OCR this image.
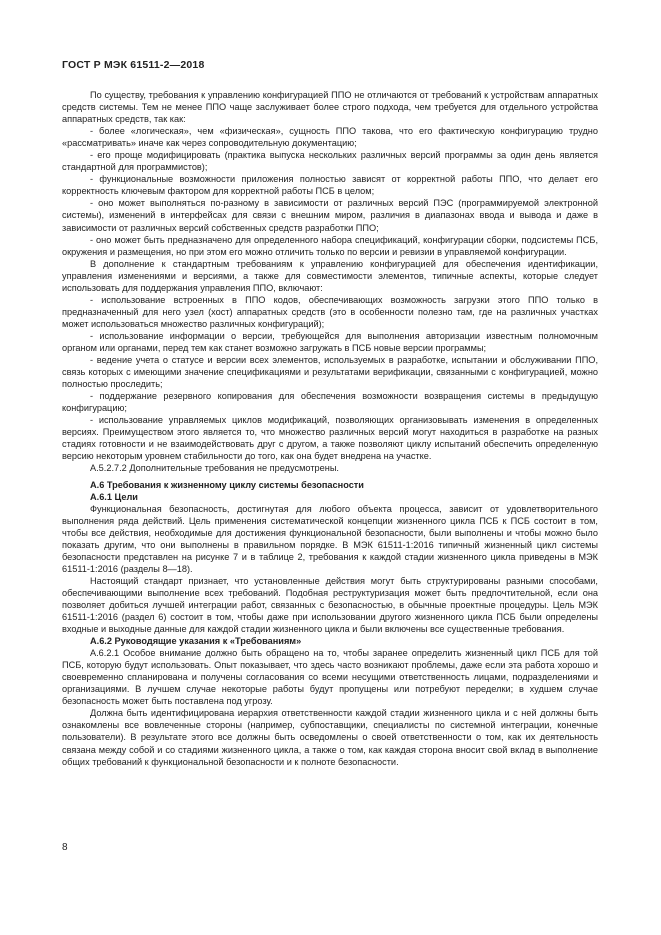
ГОСТ Р МЭК 61511-2—2018

По существу, требования к управлению конфигурацией ППО не отличаются от требований к устройствам аппаратных средств системы. Тем не менее ППО чаще заслуживает более строго подхода, чем требуется для отдельного устройства аппаратных средств, так как:

- более «логическая», чем «физическая», сущность ППО такова, что его фактическую конфигурацию трудно «рассматривать» иначе как через сопроводительную документацию;

- его проще модифицировать (практика выпуска нескольких различных версий программы за один день является стандартной для программистов);

- функциональные возможности приложения полностью зависят от корректной работы ППО, что делает его корректность ключевым фактором для корректной работы ПСБ в целом;

- оно может выполняться по-разному в зависимости от различных версий ПЭС (программируемой электронной системы), изменений в интерфейсах для связи с внешним миром, различия в диапазонах ввода и вывода и даже в зависимости от различных версий собственных средств разработки ППО;

- оно может быть предназначено для определенного набора спецификаций, конфигурации сборки, подсистемы ПСБ, окружения и размещения, но при этом его можно отличить только по версии и ревизии в управляемой конфигурации.

В дополнение к стандартным требованиям к управлению конфигурацией для обеспечения идентификации, управления изменениями и версиями, а также для совместимости элементов, типичные аспекты, которые следует использовать для поддержания управления ППО, включают:

- использование встроенных в ППО кодов, обеспечивающих возможность загрузки этого ППО только в предназначенный для него узел (хост) аппаратных средств (это в особенности полезно там, где на различных участках может использоваться множество различных конфигураций);

- использование информации о версии, требующейся для выполнения авторизации известным полномочным органом или органами, перед тем как станет возможно загружать в ПСБ новые версии программы;

- ведение учета о статусе и версии всех элементов, используемых в разработке, испытании и обслуживании ППО, связь которых с имеющими значение спецификациями и результатами верификации, связанными с конфигурацией, можно полностью проследить;

- поддержание резервного копирования для обеспечения возможности возвращения системы в предыдущую конфигурацию;

- использование управляемых циклов модификаций, позволяющих организовывать изменения в определенных версиях. Преимуществом этого является то, что множество различных версий могут находиться в разработке на разных стадиях готовности и не взаимодействовать друг с другом, а также позволяют циклу испытаний обеспечить определенную версию некоторым уровнем стабильности до того, как она будет внедрена на участке.

А.5.2.7.2 Дополнительные требования не предусмотрены.

А.6 Требования к жизненному циклу системы безопасности

А.6.1 Цели

Функциональная безопасность, достигнутая для любого объекта процесса, зависит от удовлетворительного выполнения ряда действий. Цель применения систематической концепции жизненного цикла ПСБ к ПСБ состоит в том, чтобы все действия, необходимые для достижения функциональной безопасности, были выполнены и чтобы можно было показать другим, что они выполнены в правильном порядке. В МЭК 61511-1:2016 типичный жизненный цикл системы безопасности представлен на рисунке 7 и в таблице 2, требования к каждой стадии жизненного цикла приведены в МЭК 61511-1:2016 (разделы 8—18).

Настоящий стандарт признает, что установленные действия могут быть структурированы разными способами, обеспечивающими выполнение всех требований. Подобная реструктуризация может быть предпочтительной, если она позволяет добиться лучшей интеграции работ, связанных с безопасностью, в обычные проектные процедуры. Цель МЭК 61511-1:2016 (раздел 6) состоит в том, чтобы даже при использовании другого жизненного цикла ПСБ были определены входные и выходные данные для каждой стадии жизненного цикла и были включены все существенные требования.

А.6.2 Руководящие указания к «Требованиям»

А.6.2.1 Особое внимание должно быть обращено на то, чтобы заранее определить жизненный цикл ПСБ для той ПСБ, которую будут использовать. Опыт показывает, что здесь часто возникают проблемы, даже если эта работа хорошо и своевременно спланирована и получены согласования со всеми несущими ответственность лицами, подразделениями и организациями. В лучшем случае некоторые работы будут пропущены или потребуют переделки; в худшем случае безопасность может быть поставлена под угрозу.

Должна быть идентифицирована иерархия ответственности каждой стадии жизненного цикла и с ней должны быть ознакомлены все вовлеченные стороны (например, субпоставщики, специалисты по системной интеграции, конечные пользователи). В результате этого все должны быть осведомлены о своей ответственности о том, как их деятельность связана между собой и со стадиями жизненного цикла, а также о том, как каждая сторона вносит свой вклад в выполнение общих требований к функциональной безопасности и к полноте безопасности.

8
